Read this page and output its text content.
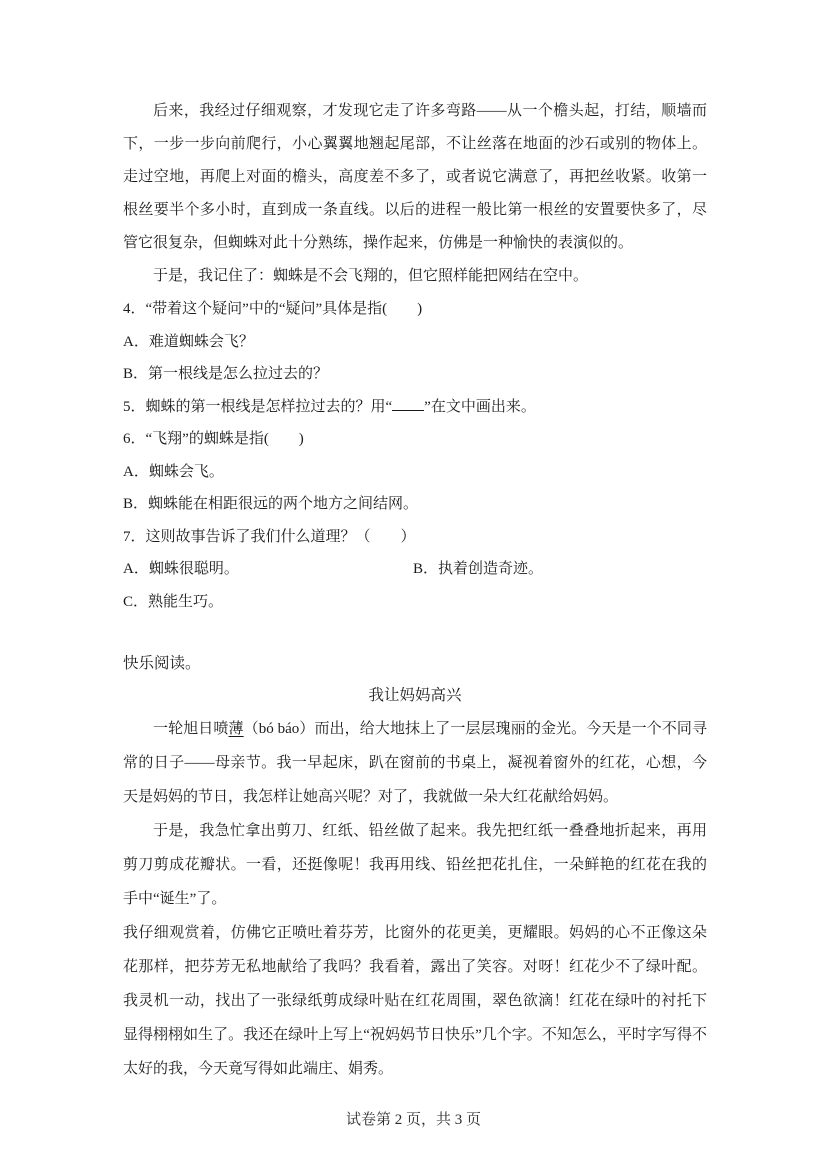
后来，我经过仔细观察，才发现它走了许多弯路——从一个檐头起，打结，顺墙而下，一步一步向前爬行，小心翼翼地翘起尾部，不让丝落在地面的沙石或别的物体上。走过空地，再爬上对面的檐头，高度差不多了，或者说它满意了，再把丝收紧。收第一根丝要半个多小时，直到成一条直线。以后的进程一般比第一根丝的安置要快多了，尽管它很复杂，但蜘蛛对此十分熟练，操作起来，仿佛是一种愉快的表演似的。

于是，我记住了：蜘蛛是不会飞翔的，但它照样能把网结在空中。

4．“带着这个疑问”中的“疑问”具体是指(　　)
A．难道蜘蛛会飞？
B．第一根线是怎么拉过去的？
5．蜘蛛的第一根线是怎样拉过去的？用“ ”在文中画出来。
6．“飞翔”的蜘蛛是指(　　)
A．蜘蛛会飞。
B．蜘蛛能在相距很远的两个地方之间结网。
7．这则故事告诉了我们什么道理？（　　）
A．蜘蛛很聪明。	B．执着创造奇迹。
C．熟能生巧。
快乐阅读。
我让妈妈高兴

一轮旭日喷薄（bó báo）而出，给大地抹上了一层层瑰丽的金光。今天是一个不同寻常的日子——母亲节。我一早起床，趴在窗前的书桌上，凝视着窗外的红花，心想，今天是妈妈的节日，我怎样让她高兴呢？对了，我就做一朵大红花献给妈妈。

于是，我急忙拿出剪刀、红纸、铅丝做了起来。我先把红纸一叠叠地折起来，再用剪刀剪成花瓣状。一看，还挺像呢！我再用线、铅丝把花扎住，一朵鲜艳的红花在我的手中“诞生”了。

我仔细观赏着，仿佛它正喷吐着芬芳，比窗外的花更美，更耀眼。妈妈的心不正像这朵花那样，把芬芳无私地献给了我吗？我看着，露出了笑容。对呀！红花少不了绿叶配。我灵机一动，找出了一张绿纸剪成绿叶贴在红花周围，翠色欲滴！红花在绿叶的衬托下显得栩栩如生了。我还在绿叶上写上“祝妈妈节日快乐”几个字。不知怎么，平时字写得不太好的我，今天竟写得如此端庄、娟秀。

试卷第 2 页，共 3 页
